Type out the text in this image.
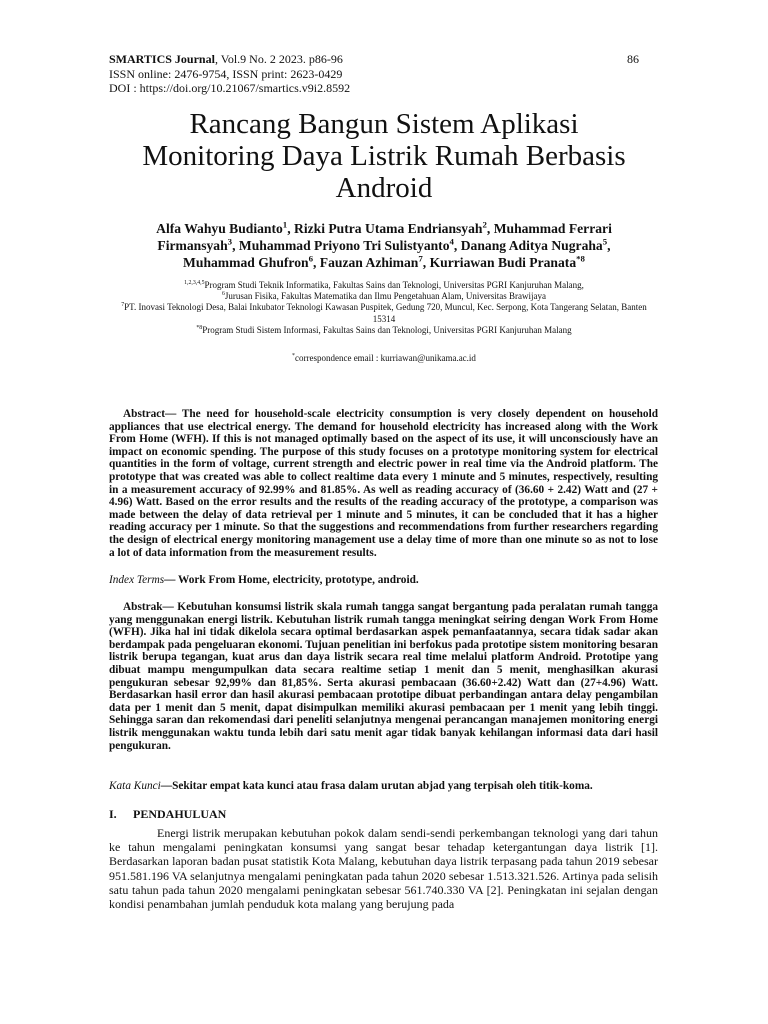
SMARTICS Journal, Vol.9 No. 2 2023. p86-96
ISSN online: 2476-9754, ISSN print: 2623-0429
DOI : https://doi.org/10.21067/smartics.v9i2.8592
86
Rancang Bangun Sistem Aplikasi
Monitoring Daya Listrik Rumah Berbasis
Android
Alfa Wahyu Budianto$^1$, Rizki Putra Utama Endriansyah$^2$, Muhammad Ferrari Firmansyah$^3$, Muhammad Priyono Tri Sulistyanto$^4$, Danang Aditya Nugraha$^5$, Muhammad Ghufron$^6$, Fauzan Azhiman$^7$, Kurriawan Budi Pranata$^{*8}$
$^{1,2,3,4,5}$Program Studi Teknik Informatika, Fakultas Sains dan Teknologi, Universitas PGRI Kanjuruhan Malang,
$^6$Jurusan Fisika, Fakultas Matematika dan Ilmu Pengetahuan Alam, Universitas Brawijaya
$^7$PT. Inovasi Teknologi Desa, Balai Inkubator Teknologi Kawasan Puspitek, Gedung 720, Muncul, Kec. Serpong, Kota Tangerang Selatan, Banten 15314
$^{*8}$Program Studi Sistem Informasi, Fakultas Sains dan Teknologi, Universitas PGRI Kanjuruhan Malang
*correspondence email : kurriawan@unikama.ac.id
Abstract— The need for household-scale electricity consumption is very closely dependent on household appliances that use electrical energy. The demand for household electricity has increased along with the Work From Home (WFH). If this is not managed optimally based on the aspect of its use, it will unconsciously have an impact on economic spending. The purpose of this study focuses on a prototype monitoring system for electrical quantities in the form of voltage, current strength and electric power in real time via the Android platform. The prototype that was created was able to collect realtime data every 1 minute and 5 minutes, respectively, resulting in a measurement accuracy of 92.99% and 81.85%. As well as reading accuracy of (36.60 + 2.42) Watt and (27 + 4.96) Watt. Based on the error results and the results of the reading accuracy of the prototype, a comparison was made between the delay of data retrieval per 1 minute and 5 minutes, it can be concluded that it has a higher reading accuracy per 1 minute. So that the suggestions and recommendations from further researchers regarding the design of electrical energy monitoring management use a delay time of more than one minute so as not to lose a lot of data information from the measurement results.
Index Terms— Work From Home, electricity, prototype, android.
Abstrak— Kebutuhan konsumsi listrik skala rumah tangga sangat bergantung pada peralatan rumah tangga yang menggunakan energi listrik. Kebutuhan listrik rumah tangga meningkat seiring dengan Work From Home (WFH). Jika hal ini tidak dikelola secara optimal berdasarkan aspek pemanfaatannya, secara tidak sadar akan berdampak pada pengeluaran ekonomi. Tujuan penelitian ini berfokus pada prototipe sistem monitoring besaran listrik berupa tegangan, kuat arus dan daya listrik secara real time melalui platform Android. Prototipe yang dibuat mampu mengumpulkan data secara realtime setiap 1 menit dan 5 menit, menghasilkan akurasi pengukuran sebesar 92,99% dan 81,85%. Serta akurasi pembacaan (36.60+2.42) Watt dan (27+4.96) Watt. Berdasarkan hasil error dan hasil akurasi pembacaan prototipe dibuat perbandingan antara delay pengambilan data per 1 menit dan 5 menit, dapat disimpulkan memiliki akurasi pembacaan per 1 menit yang lebih tinggi. Sehingga saran dan rekomendasi dari peneliti selanjutnya mengenai perancangan manajemen monitoring energi listrik menggunakan waktu tunda lebih dari satu menit agar tidak banyak kehilangan informasi data dari hasil pengukuran.
Kata Kunci—Sekitar empat kata kunci atau frasa dalam urutan abjad yang terpisah oleh titik-koma.
I. PENDAHULUAN
Energi listrik merupakan kebutuhan pokok dalam sendi-sendi perkembangan teknologi yang dari tahun ke tahun mengalami peningkatan konsumsi yang sangat besar tehadap ketergantungan daya listrik [1]. Berdasarkan laporan badan pusat statistik Kota Malang, kebutuhan daya listrik terpasang pada tahun 2019 sebesar 951.581.196 VA selanjutnya mengalami peningkatan pada tahun 2020 sebesar 1.513.321.526. Artinya pada selisih satu tahun pada tahun 2020 mengalami peningkatan sebesar 561.740.330 VA [2]. Peningkatan ini sejalan dengan kondisi penambahan jumlah penduduk kota malang yang berujung pada
